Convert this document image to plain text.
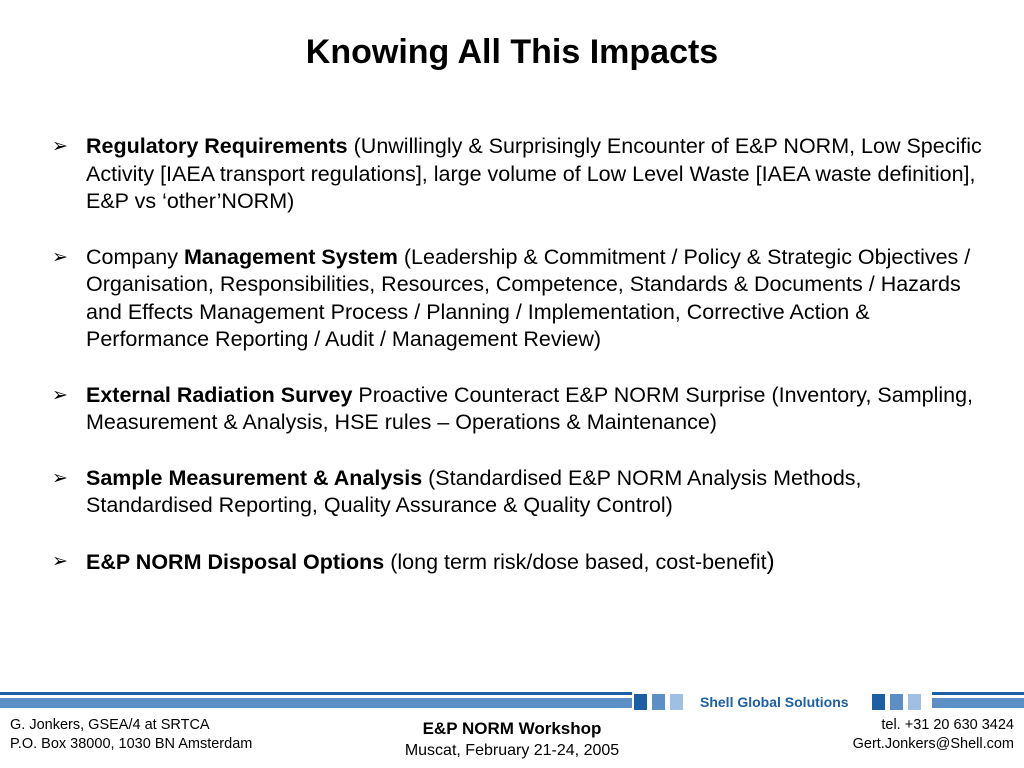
Knowing All This Impacts
➢ Regulatory Requirements (Unwillingly & Surprisingly Encounter of E&P NORM, Low Specific Activity [IAEA transport regulations], large volume of Low Level Waste [IAEA waste definition], E&P vs ‘other’NORM)
➢ Company Management System (Leadership & Commitment / Policy & Strategic Objectives / Organisation, Responsibilities, Resources, Competence, Standards & Documents / Hazards and Effects Management Process / Planning / Implementation, Corrective Action & Performance Reporting / Audit / Management Review)
➢ External Radiation Survey Proactive Counteract E&P NORM Surprise (Inventory, Sampling, Measurement & Analysis, HSE rules – Operations & Maintenance)
➢ Sample Measurement & Analysis (Standardised E&P NORM Analysis Methods, Standardised Reporting, Quality Assurance & Quality Control)
➢ E&P NORM Disposal Options (long term risk/dose based, cost-benefit)
Shell Global Solutions
G. Jonkers, GSEA/4 at SRTCA
P.O. Box 38000, 1030 BN Amsterdam
E&P NORM Workshop
Muscat, February 21-24, 2005
tel. +31 20 630 3424
Gert.Jonkers@Shell.com
